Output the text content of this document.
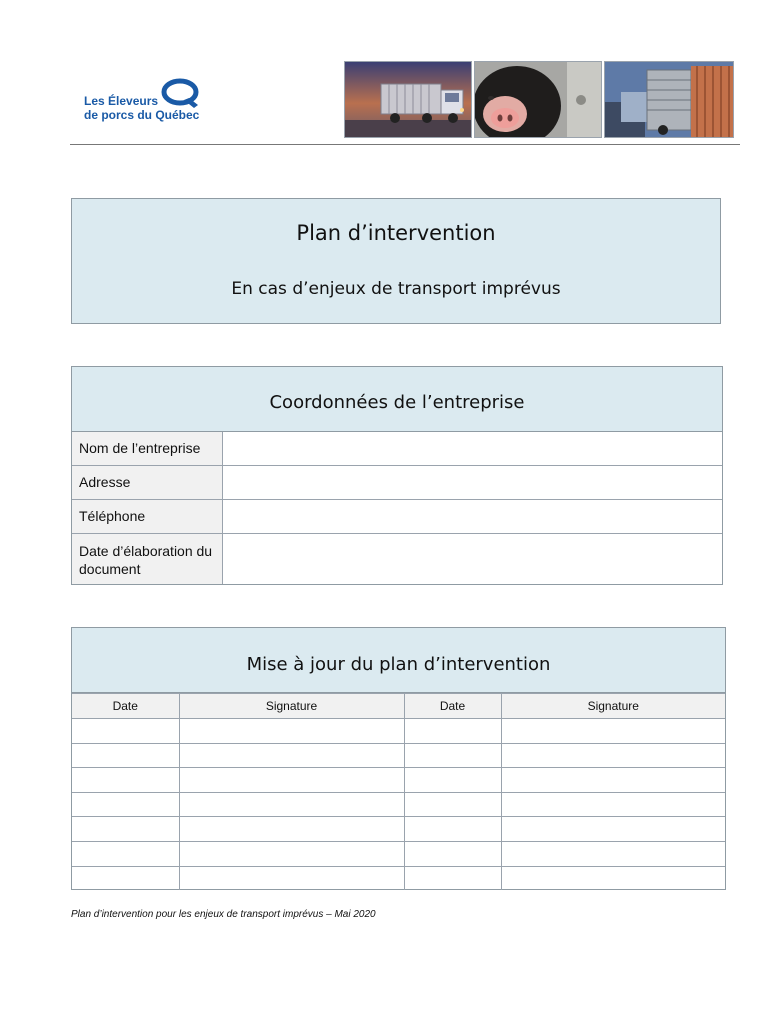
Les Éleveurs
de porcs du Québec
Plan d’intervention
En cas d’enjeux de transport imprévus
Coordonnées de l’entreprise
Nom de l’entreprise
Adresse
Téléphone
Date d’élaboration du document
Mise à jour du plan d’intervention
Date	Signature	Date	Signature

Plan d’intervention pour les enjeux de transport imprévus – Mai 2020
